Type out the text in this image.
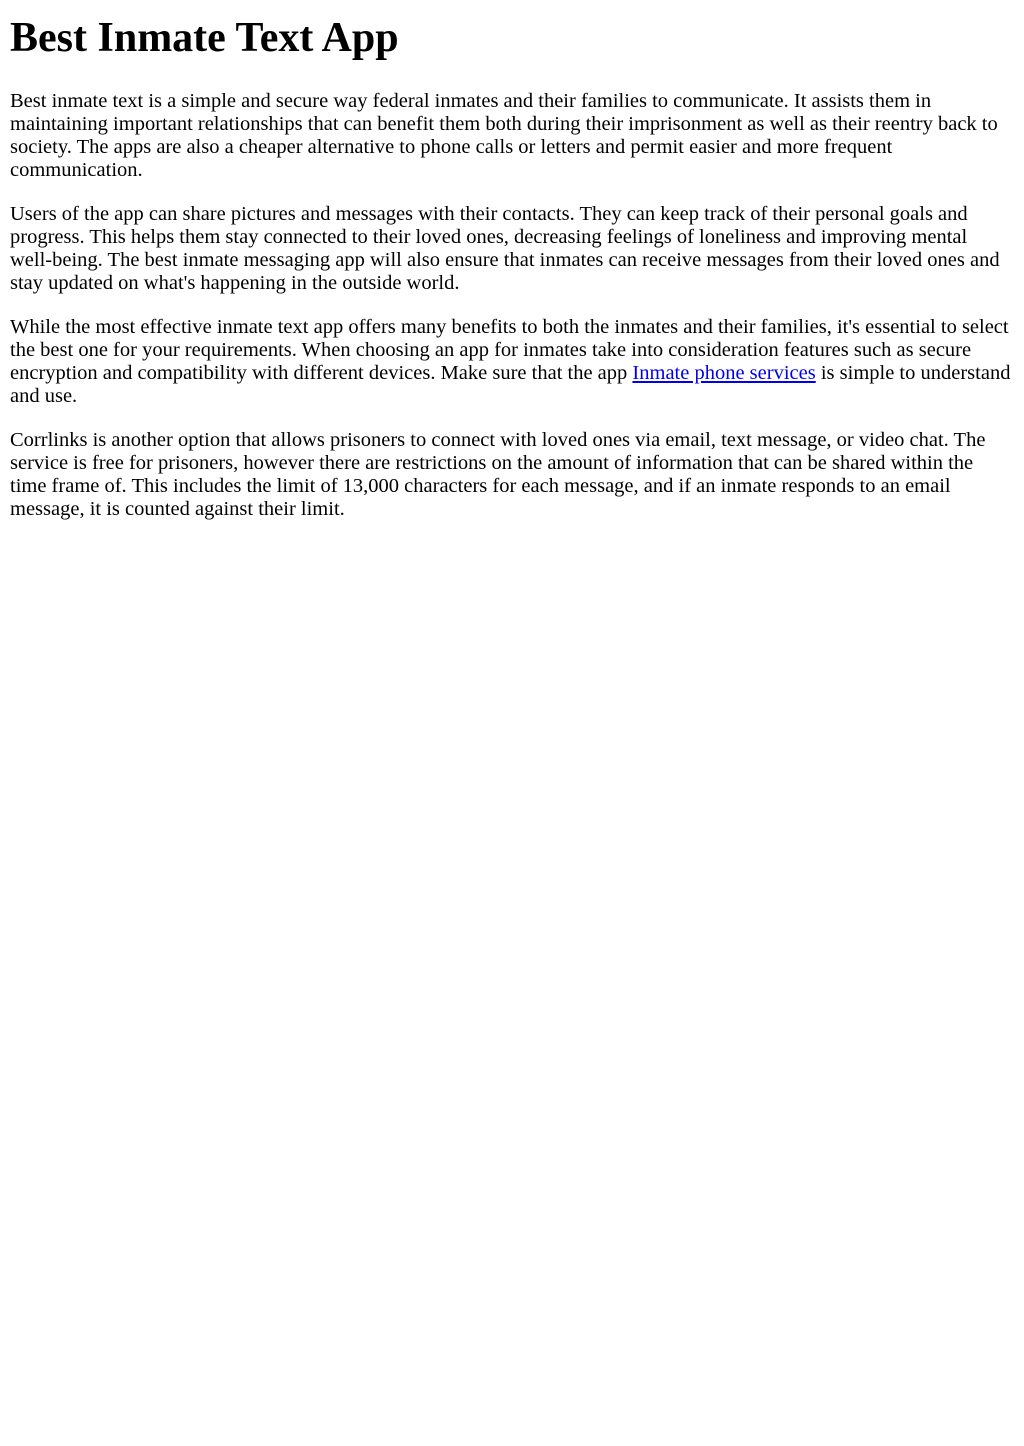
Best Inmate Text App

Best inmate text is a simple and secure way federal inmates and their families to communicate. It assists them in maintaining important relationships that can benefit them both during their imprisonment as well as their reentry back to society. The apps are also a cheaper alternative to phone calls or letters and permit easier and more frequent communication.

Users of the app can share pictures and messages with their contacts. They can keep track of their personal goals and progress. This helps them stay connected to their loved ones, decreasing feelings of loneliness and improving mental well-being. The best inmate messaging app will also ensure that inmates can receive messages from their loved ones and stay updated on what's happening in the outside world.

While the most effective inmate text app offers many benefits to both the inmates and their families, it's essential to select the best one for your requirements. When choosing an app for inmates take into consideration features such as secure encryption and compatibility with different devices. Make sure that the app Inmate phone services is simple to understand and use.

Corrlinks is another option that allows prisoners to connect with loved ones via email, text message, or video chat. The service is free for prisoners, however there are restrictions on the amount of information that can be shared within the time frame of. This includes the limit of 13,000 characters for each message, and if an inmate responds to an email message, it is counted against their limit.
